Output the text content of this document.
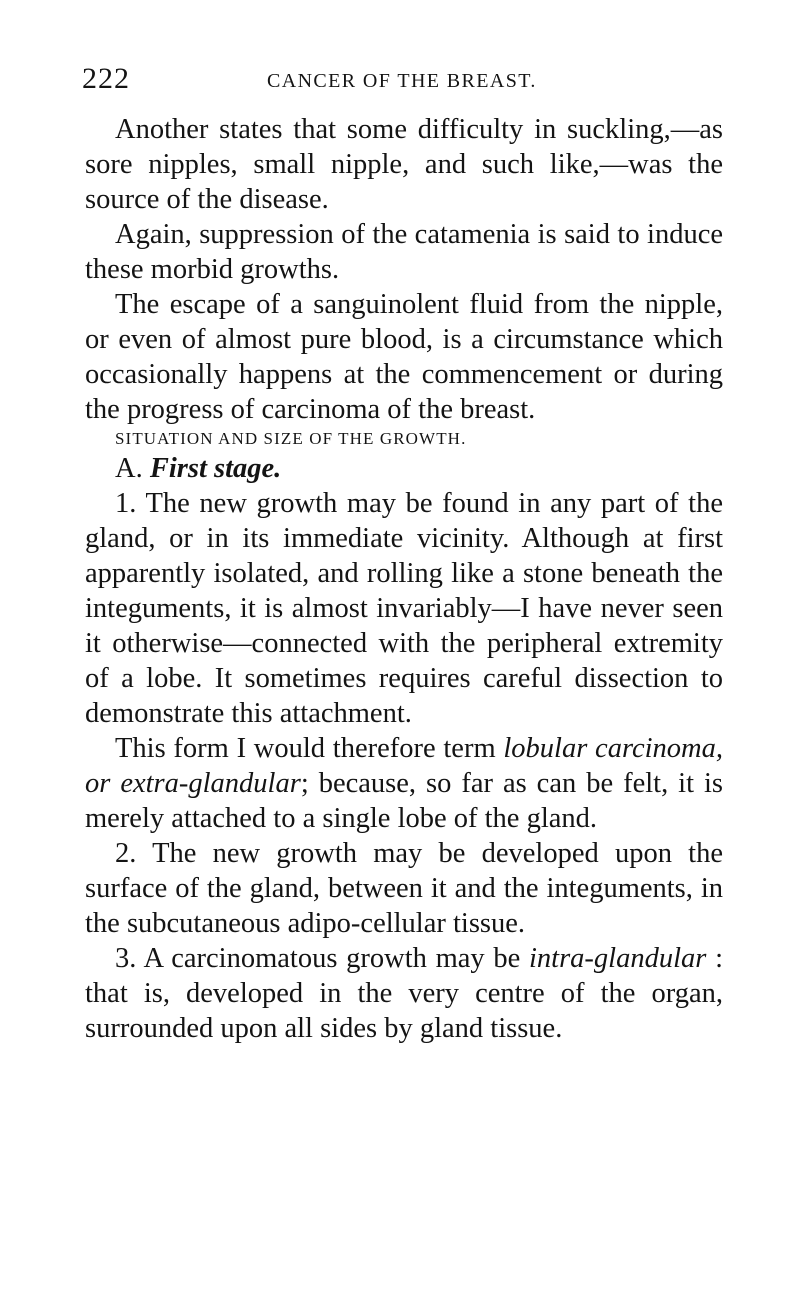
222	CANCER OF THE BREAST.

Another states that some difficulty in suckling,—as sore nipples, small nipple, and such like,—was the source of the disease.

Again, suppression of the catamenia is said to induce these morbid growths.

The escape of a sanguinolent fluid from the nipple, or even of almost pure blood, is a circumstance which occasionally happens at the commencement or during the progress of carcinoma of the breast.

SITUATION AND SIZE OF THE GROWTH.

A. First stage.

1. The new growth may be found in any part of the gland, or in its immediate vicinity. Although at first apparently isolated, and rolling like a stone beneath the integuments, it is almost invariably—I have never seen it otherwise—connected with the peripheral extremity of a lobe. It sometimes requires careful dissection to demonstrate this attachment.

This form I would therefore term lobular carcinoma, or extra-glandular; because, so far as can be felt, it is merely attached to a single lobe of the gland.

2. The new growth may be developed upon the surface of the gland, between it and the integuments, in the subcutaneous adipo-cellular tissue.

3. A carcinomatous growth may be intra-glandular : that is, developed in the very centre of the organ, surrounded upon all sides by gland tissue.
